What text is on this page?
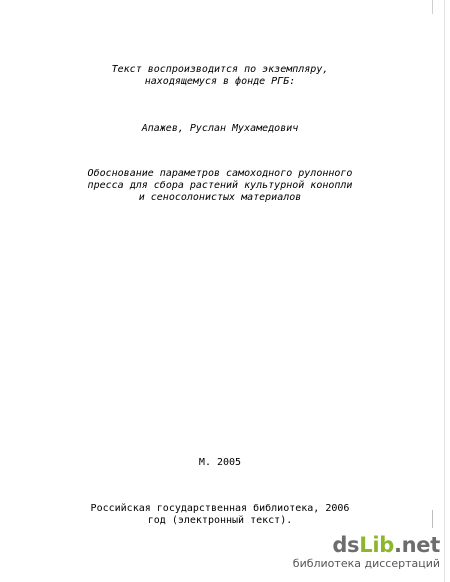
Текст воспроизводится по экземпляру,
находящемуся в фонде РГБ:
Апажев, Руслан Мухамедович
Обоснование параметров самоходного рулонного
пресса для сбора растений культурной конопли
и сеносолонистых материалов
М. 2005
Российская государственная библиотека, 2006
год (электронный текст).
dsLib.net
библиотека диссертаций
